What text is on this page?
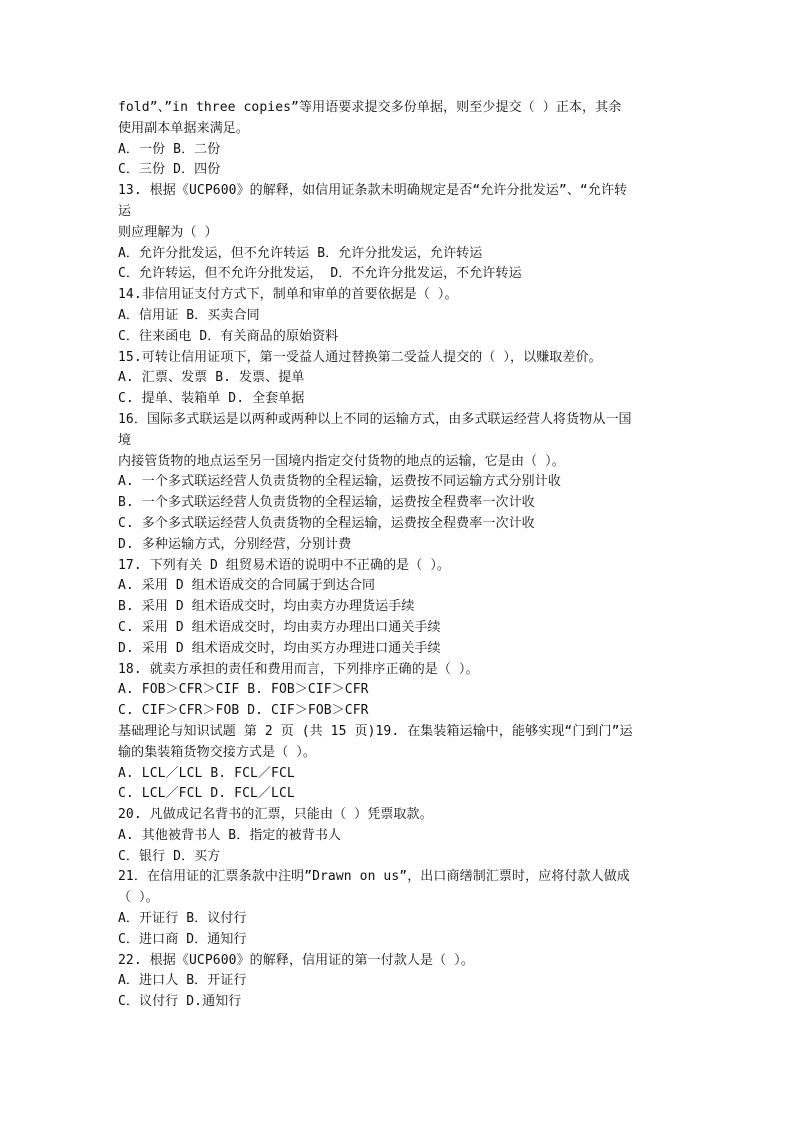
fold”、”in three copies”等用语要求提交多份单据，则至少提交（ ）正本，其余
使用副本单据来满足。
A．一份 B．二份
C．三份 D．四份
13. 根据《UCP600》的解释，如信用证条款未明确规定是否“允许分批发运”、“允许转
运
则应理解为（ ）
A．允许分批发运，但不允许转运 B．允许分批发运，允许转运
C．允许转运，但不允许分批发运， D．不允许分批发运，不允许转运
14.非信用证支付方式下，制单和审单的首要依据是（ ）。
A．信用证 B．买卖合同
C．往来函电 D．有关商品的原始资料
15.可转让信用证项下，第一受益人通过替换第二受益人提交的（ ），以赚取差价。
A. 汇票、发票 B. 发票、提单
C. 提单、装箱单 D. 全套单据
16．国际多式联运是以两种或两种以上不同的运输方式，由多式联运经营人将货物从一国
境
内接管货物的地点运至另一国境内指定交付货物的地点的运输，它是由（ ）。
A. 一个多式联运经营人负责货物的全程运输，运费按不同运输方式分别计收
B. 一个多式联运经营人负责货物的全程运输，运费按全程费率一次计收
C. 多个多式联运经营人负责货物的全程运输，运费按全程费率一次计收
D. 多种运输方式，分别经营，分别计费
17. 下列有关 D 组贸易术语的说明中不正确的是（ ）。
A. 采用 D 组术语成交的合同属于到达合同
B. 采用 D 组术语成交时，均由卖方办理货运手续
C. 采用 D 组术语成交时，均由卖方办理出口通关手续
D. 采用 D 组术语成交时，均由买方办理进口通关手续
18. 就卖方承担的责任和费用而言，下列排序正确的是（ ）。
A. FOB＞CFR＞CIF B. FOB＞CIF＞CFR
C. CIF＞CFR＞FOB D. CIF＞FOB＞CFR
基础理论与知识试题 第 2 页 (共 15 页)19. 在集装箱运输中，能够实现“门到门”运
输的集装箱货物交接方式是（ ）。
A. LCL／LCL B. FCL／FCL
C. LCL／FCL D. FCL／LCL
20. 凡做成记名背书的汇票，只能由（ ）凭票取款。
A. 其他被背书人 B．指定的被背书人
C．银行 D．买方
21．在信用证的汇票条款中注明”Drawn on us”，出口商缮制汇票时，应将付款人做成
（ ）。
A．开证行 B．议付行
C．进口商 D．通知行
22. 根据《UCP600》的解释，信用证的第一付款人是（ ）。
A．进口人 B．开证行
C．议付行 D.通知行
